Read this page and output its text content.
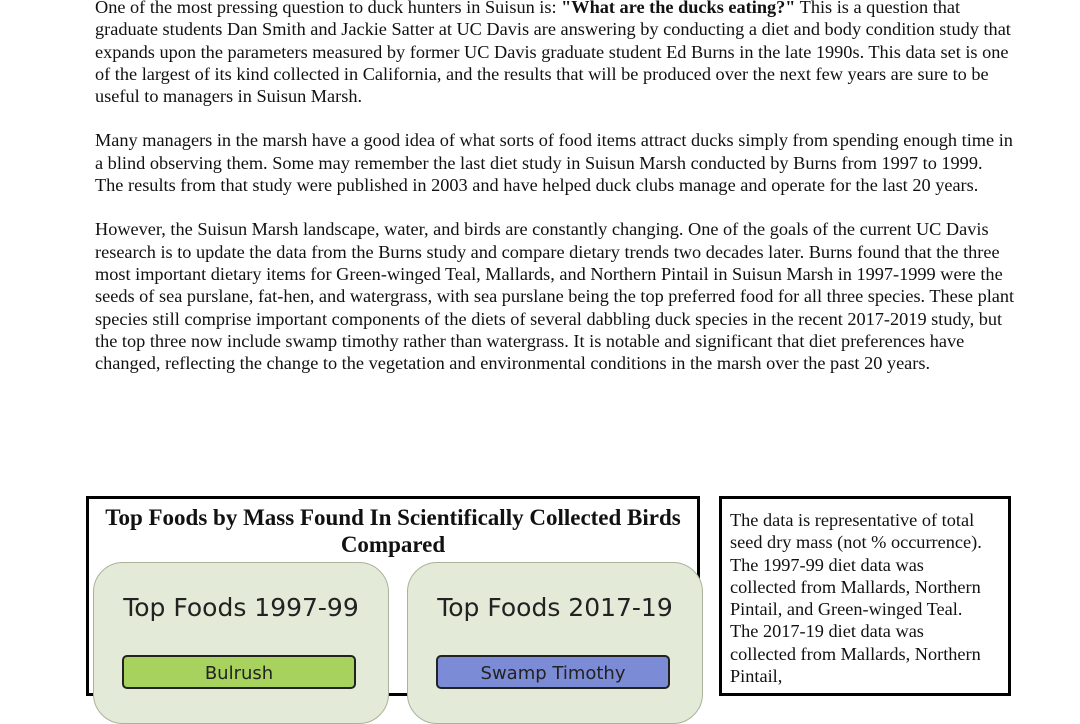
One of the most pressing question to duck hunters in Suisun is: "What are the ducks eating?" This is a question that graduate students Dan Smith and Jackie Satter at UC Davis are answering by conducting a diet and body condition study that expands upon the parameters measured by former UC Davis graduate student Ed Burns in the late 1990s. This data set is one of the largest of its kind collected in California, and the results that will be produced over the next few years are sure to be useful to managers in Suisun Marsh.

Many managers in the marsh have a good idea of what sorts of food items attract ducks simply from spending enough time in a blind observing them. Some may remember the last diet study in Suisun Marsh conducted by Burns from 1997 to 1999. The results from that study were published in 2003 and have helped duck clubs manage and operate for the last 20 years.

However, the Suisun Marsh landscape, water, and birds are constantly changing. One of the goals of the current UC Davis research is to update the data from the Burns study and compare dietary trends two decades later. Burns found that the three most important dietary items for Green-winged Teal, Mallards, and Northern Pintail in Suisun Marsh in 1997-1999 were the seeds of sea purslane, fat-hen, and watergrass, with sea purslane being the top preferred food for all three species. These plant species still comprise important components of the diets of several dabbling duck species in the recent 2017-2019 study, but the top three now include swamp timothy rather than watergrass. It is notable and significant that diet preferences have changed, reflecting the change to the vegetation and environmental conditions in the marsh over the past 20 years.

Top Foods by Mass Found In Scientifically Collected Birds Compared
Top Foods 1997-99
Bulrush
Top Foods 2017-19
Swamp Timothy
The data is representative of total seed dry mass (not % occurrence). The 1997-99 diet data was collected from Mallards, Northern Pintail, and Green-winged Teal. The 2017-19 diet data was collected from Mallards, Northern Pintail,
